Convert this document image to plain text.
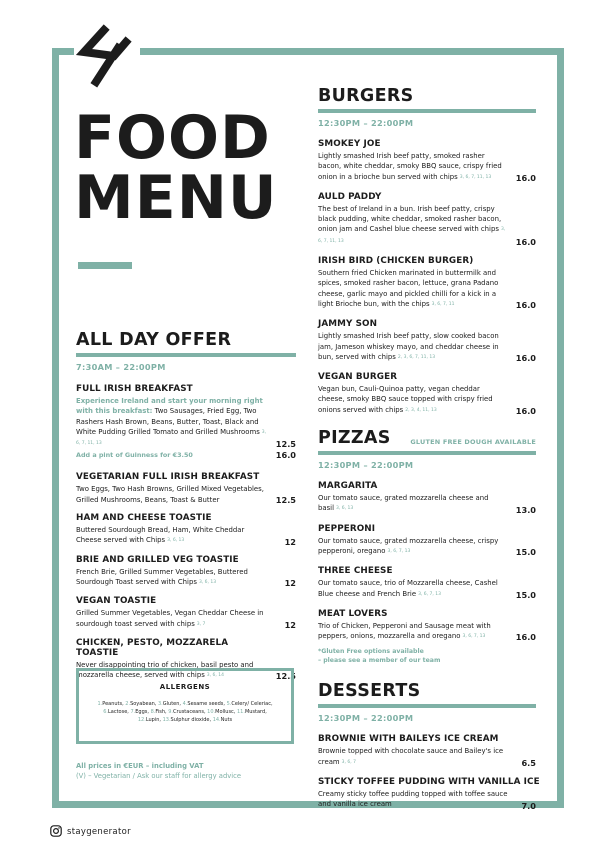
FOOD
MENU
ALL DAY OFFER
7:30AM – 22:00PM
FULL IRISH BREAKFAST
Experience Ireland and start your morning right with this breakfast: Two Sausages, Fried Egg, Two Rashers Hash Brown, Beans, Butter, Toast, Black and White Pudding Grilled Tomato and Grilled Mushrooms $^{3, 6, 7, 11, 13}$	12.5
Add a pint of Guinness for €3.50	16.0
VEGETARIAN FULL IRISH BREAKFAST
Two Eggs, Two Hash Browns, Grilled Mixed Vegetables, Grilled Mushrooms, Beans, Toast & Butter	12.5
HAM AND CHEESE TOASTIE
Buttered Sourdough Bread, Ham, White Cheddar Cheese served with Chips $^{3, 6, 13}$	12
BRIE AND GRILLED VEG TOASTIE
French Brie, Grilled Summer Vegetables, Buttered Sourdough Toast served with Chips $^{3, 6, 13}$	12
VEGAN TOASTIE
Grilled Summer Vegetables, Vegan Cheddar Cheese in sourdough toast served with chips $^{3, 7}$	12
CHICKEN, PESTO, MOZZARELA TOASTIE
Never disappointing trio of chicken, basil pesto and mozzarella cheese, served with chips $^{3, 6, 14}$	12.5
ALLERGENS
1.Peanuts, 2.Soyabean, 3.Gluten, 4.Sesame seeds, 5.Celery/ Celeriac, 6.Lactose, 7.Eggs, 8.Fish, 9.Crustaceans, 10.Mollusc, 11.Mustard, 12.Lupin, 13.Sulphur dioxide, 14.Nuts
All prices in €EUR – including VAT
(V) – Vegetarian / Ask our staff for allergy advice
BURGERS
12:30PM – 22:00PM
SMOKEY JOE
Lightly smashed Irish beef patty, smoked rasher bacon, white cheddar, smoky BBQ sauce, crispy fried onion in a brioche bun served with chips $^{3, 6, 7, 11, 13}$	16.0
AULD PADDY
The best of Ireland in a bun. Irish beef patty, crispy black pudding, white cheddar, smoked rasher bacon, onion jam and Cashel blue cheese served with chips $^{3, 6, 7, 11, 13}$	16.0
IRISH BIRD (CHICKEN BURGER)
Southern fried Chicken marinated in buttermilk and spices, smoked rasher bacon, lettuce, grana Padano cheese, garlic mayo and pickled chilli for a kick in a light Brioche bun, with the chips $^{3, 6, 7, 11}$	16.0
JAMMY SON
Lightly smashed Irish beef patty, slow cooked bacon jam, Jameson whiskey mayo, and cheddar cheese in bun, served with chips $^{2, 3, 6, 7, 11, 13}$	16.0
VEGAN BURGER
Vegan bun, Cauli-Quinoa patty, vegan cheddar cheese, smoky BBQ sauce topped with crispy fried onions served with chips $^{2, 3, 4, 11, 13}$	16.0
PIZZAS	GLUTEN FREE DOUGH AVAILABLE
12:30PM – 22:00PM
MARGARITA
Our tomato sauce, grated mozzarella cheese and basil $^{3, 6, 13}$	13.0
PEPPERONI
Our tomato sauce, grated mozzarella cheese, crispy pepperoni, oregano $^{3, 6, 7, 13}$	15.0
THREE CHEESE
Our tomato sauce, trio of Mozzarella cheese, Cashel Blue cheese and French Brie $^{3, 6, 7, 13}$	15.0
MEAT LOVERS
Trio of Chicken, Pepperoni and Sausage meat with peppers, onions, mozzarella and oregano $^{3, 6, 7, 13}$	16.0
*Gluten Free options available
– please see a member of our team
DESSERTS
12:30PM – 22:00PM
BROWNIE WITH BAILEYS ICE CREAM
Brownie topped with chocolate sauce and Bailey's ice cream $^{3, 6, 7}$	6.5
STICKY TOFFEE PUDDING WITH VANILLA ICE
Creamy sticky toffee pudding topped with toffee sauce and vanilla ice cream $^{3, 6, 7, 13}$	7.0
staygenerator
